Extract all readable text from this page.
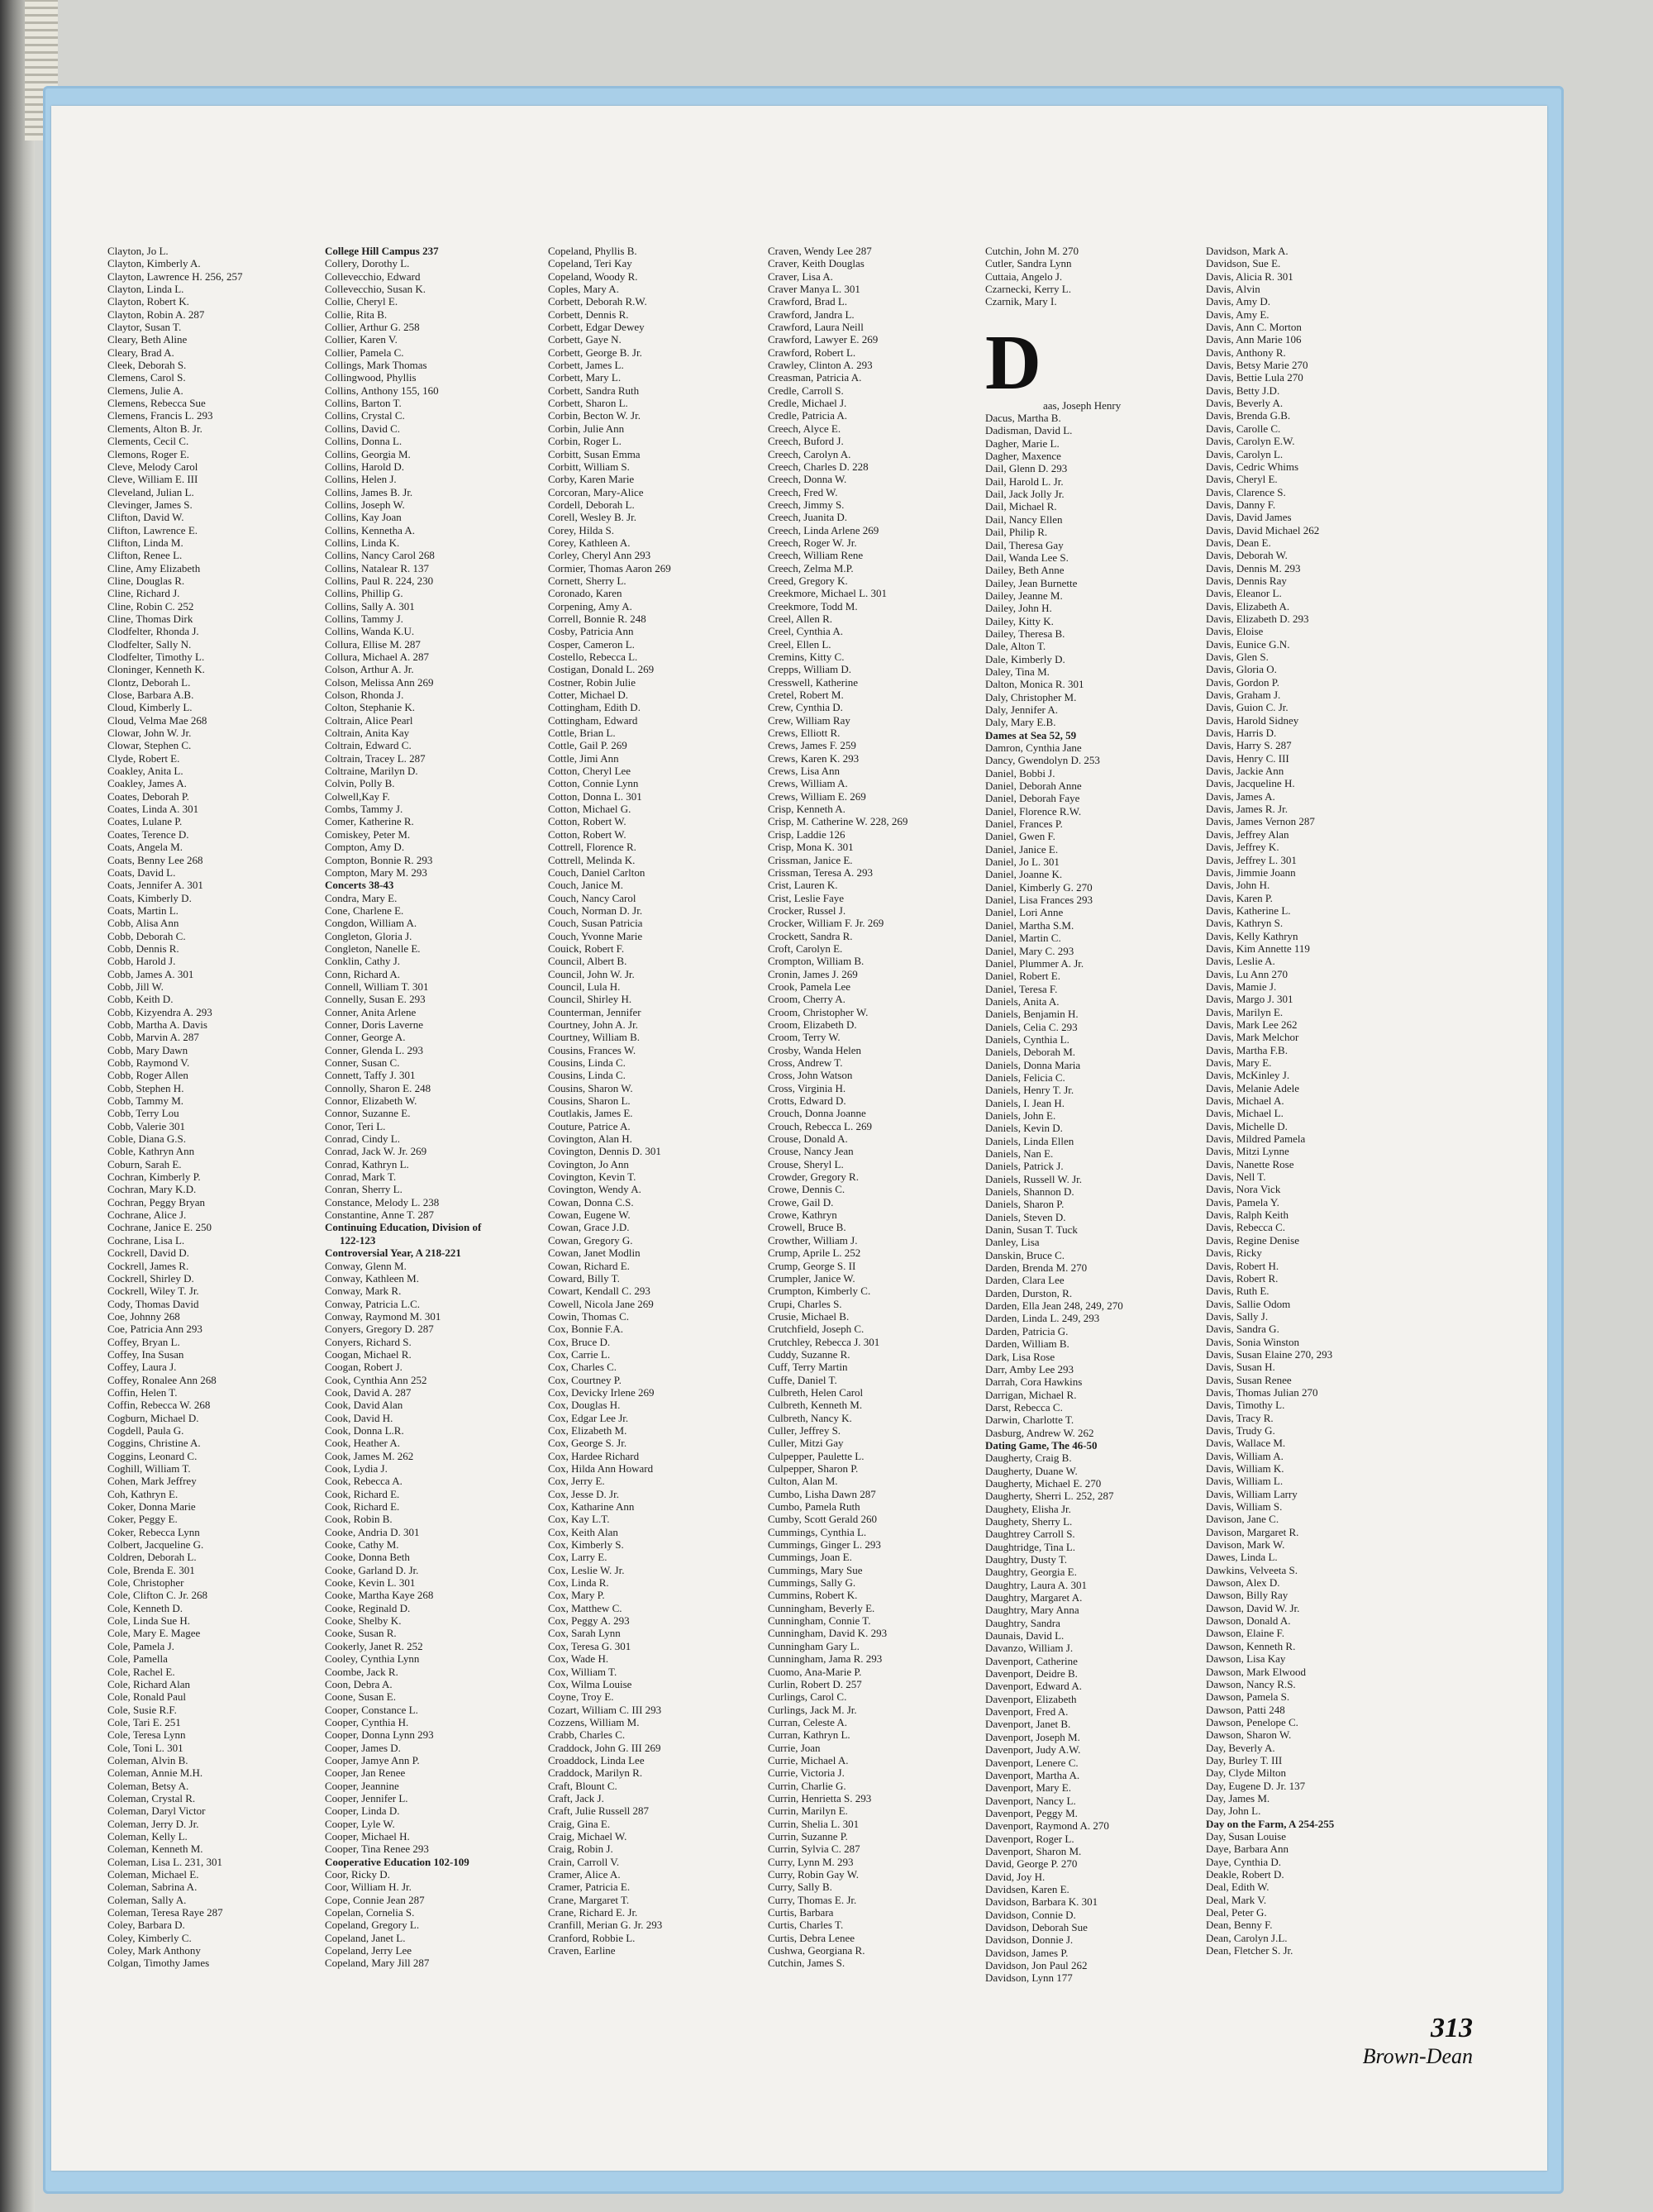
Clayton, Jo L.
Clayton, Kimberly A.
Clayton, Lawrence H. 256, 257
Clayton, Linda L.
Clayton, Robert K.
Clayton, Robin A. 287
Claytor, Susan T.
Cleary, Beth Aline
Cleary, Brad A.
Cleek, Deborah S.
Clemens, Carol S.
Clemens, Julie A.
Clemens, Rebecca Sue
Clemens, Francis L. 293
Clements, Alton B. Jr.
Clements, Cecil C.
Clemons, Roger E.
Cleve, Melody Carol
Cleve, William E. III
Cleveland, Julian L.
Clevinger, James S.
Clifton, David W.
Clifton, Lawrence E.
Clifton, Linda M.
Clifton, Renee L.
Cline, Amy Elizabeth
Cline, Douglas R.
Cline, Richard J.
Cline, Robin C. 252
Cline, Thomas Dirk
Clodfelter, Rhonda J.
Clodfelter, Sally N.
Clodfelter, Timothy L.
Cloninger, Kenneth K.
Clontz, Deborah L.
Close, Barbara A.B.
Cloud, Kimberly L.
Cloud, Velma Mae 268
Clowar, John W. Jr.
Clowar, Stephen C.
Clyde, Robert E.
Coakley, Anita L.
Coakley, James A.
Coates, Deborah P.
Coates, Linda A. 301
Coates, Lulane P.
Coates, Terence D.
Coats, Angela M.
Coats, Benny Lee 268
Coats, David L.
Coats, Jennifer A. 301
Coats, Kimberly D.
Coats, Martin L.
Cobb, Alisa Ann
Cobb, Deborah C.
Cobb, Dennis R.
Cobb, Harold J.
Cobb, James A. 301
Cobb, Jill W.
Cobb, Keith D.
Cobb, Kizyendra A. 293
Cobb, Martha A. Davis
Cobb, Marvin A. 287
Cobb, Mary Dawn
Cobb, Raymond V.
Cobb, Roger Allen
Cobb, Stephen H.
Cobb, Tammy M.
Cobb, Terry Lou
Cobb, Valerie 301
Coble, Diana G.S.
Coble, Kathryn Ann
Coburn, Sarah E.
Cochran, Kimberly P.
Cochran, Mary K.D.
Cochran, Peggy Bryan
Cochrane, Alice J.
Cochrane, Janice E. 250
Cochrane, Lisa L.
Cockrell, David D.
Cockrell, James R.
Cockrell, Shirley D.
Cockrell, Wiley T. Jr.
Cody, Thomas David
Coe, Johnny 268
Coe, Patricia Ann 293
Coffey, Bryan L.
Coffey, Ina Susan
Coffey, Laura J.
Coffey, Ronalee Ann 268
Coffin, Helen T.
Coffin, Rebecca W. 268
Cogburn, Michael D.
Cogdell, Paula G.
Coggins, Christine A.
Coggins, Leonard C.
Coghill, William T.
Cohen, Mark Jeffrey
Coh, Kathryn E.
Coker, Donna Marie
Coker, Peggy E.
Coker, Rebecca Lynn
Colbert, Jacqueline G.
Coldren, Deborah L.
Cole, Brenda E. 301
Cole, Christopher
Cole, Clifton C. Jr. 268
Cole, Kenneth D.
Cole, Linda Sue H.
Cole, Mary E. Magee
Cole, Pamela J.
Cole, Pamella
Cole, Rachel E.
Cole, Richard Alan
Cole, Ronald Paul
Cole, Susie R.F.
Cole, Tari E. 251
Cole, Teresa Lynn
Cole, Toni L. 301
Coleman, Alvin B.
Coleman, Annie M.H.
Coleman, Betsy A.
Coleman, Crystal R.
Coleman, Daryl Victor
Coleman, Jerry D. Jr.
Coleman, Kelly L.
Coleman, Kenneth M.
Coleman, Lisa L. 231, 301
Coleman, Michael E.
Coleman, Sabrina A.
Coleman, Sally A.
Coleman, Teresa Raye 287
Coley, Barbara D.
Coley, Kimberly C.
Coley, Mark Anthony
Colgan, Timothy James
College Hill Campus 237
Collery, Dorothy L.
Collevecchio, Edward
Collevecchio, Susan K.
Collie, Cheryl E.
Collie, Rita B.
Collier, Arthur G. 258
Collier, Karen V.
Collier, Pamela C.
Collings, Mark Thomas
Collingwood, Phyllis
Collins, Anthony 155, 160
Collins, Barton T.
Collins, Crystal C.
Collins, David C.
Collins, Donna L.
Collins, Georgia M.
Collins, Harold D.
Collins, Helen J.
Collins, James B. Jr.
Collins, Joseph W.
Collins, Kay Joan
Collins, Kennetha A.
Collins, Linda K.
Collins, Nancy Carol 268
Collins, Natalear R. 137
Collins, Paul R. 224, 230
Collins, Phillip G.
Collins, Sally A. 301
Collins, Tammy J.
Collins, Wanda K.U.
Collura, Ellise M. 287
Collura, Michael A. 287
Colson, Arthur A. Jr.
Colson, Melissa Ann 269
Colson, Rhonda J.
Colton, Stephanie K.
Coltrain, Alice Pearl
Coltrain, Anita Kay
Coltrain, Edward C.
Coltrain, Tracey L. 287
Coltraine, Marilyn D.
Colvin, Polly B.
Colwell,Kay F.
Combs, Tammy J.
Comer, Katherine R.
Comiskey, Peter M.
Compton, Amy D.
Compton, Bonnie R. 293
Compton, Mary M. 293
Concerts 38-43
Condra, Mary E.
Cone, Charlene E.
Congdon, William A.
Congleton, Gloria J.
Congleton, Nanelle E.
Conklin, Cathy J.
Conn, Richard A.
Connell, William T. 301
Connelly, Susan E. 293
Conner, Anita Arlene
Conner, Doris Laverne
Conner, George A.
Conner, Glenda L. 293
Conner, Susan C.
Connett, Taffy J. 301
Connolly, Sharon E. 248
Connor, Elizabeth W.
Connor, Suzanne E.
Conor, Teri L.
Conrad, Cindy L.
Conrad, Jack W. Jr. 269
Conrad, Kathryn L.
Conrad, Mark T.
Conran, Sherry L.
Constance, Melody L. 238
Constantine, Anne T. 287
Continuing Education, Division of
122-123
Controversial Year, A 218-221
Conway, Glenn M.
Conway, Kathleen M.
Conway, Mark R.
Conway, Patricia L.C.
Conway, Raymond M. 301
Conyers, Gregory D. 287
Conyers, Richard S.
Coogan, Michael R.
Coogan, Robert J.
Cook, Cynthia Ann 252
Cook, David A. 287
Cook, David Alan
Cook, David H.
Cook, Donna L.R.
Cook, Heather A.
Cook, James M. 262
Cook, Lydia J.
Cook, Rebecca A.
Cook, Richard E.
Cook, Richard E.
Cook, Robin B.
Cooke, Andria D. 301
Cooke, Cathy M.
Cooke, Donna Beth
Cooke, Garland D. Jr.
Cooke, Kevin L. 301
Cooke, Martha Kaye 268
Cooke, Reginald D.
Cooke, Shelby K.
Cooke, Susan R.
Cookerly, Janet R. 252
Cooley, Cynthia Lynn
Coombe, Jack R.
Coon, Debra A.
Coone, Susan E.
Cooper, Constance L.
Cooper, Cynthia H.
Cooper, Donna Lynn 293
Cooper, James D.
Cooper, Jamye Ann P.
Cooper, Jan Renee
Cooper, Jeannine
Cooper, Jennifer L.
Cooper, Linda D.
Cooper, Lyle W.
Cooper, Michael H.
Cooper, Tina Renee 293
Cooperative Education 102-109
Coor, Ricky D.
Coor, William H. Jr.
Cope, Connie Jean 287
Copelan, Cornelia S.
Copeland, Gregory L.
Copeland, Janet L.
Copeland, Jerry Lee
Copeland, Mary Jill 287
Copeland, Phyllis B.
Copeland, Teri Kay
Copeland, Woody R.
Coples, Mary A.
Corbett, Deborah R.W.
Corbett, Dennis R.
Corbett, Edgar Dewey
Corbett, Gaye N.
Corbett, George B. Jr.
Corbett, James L.
Corbett, Mary L.
Corbett, Sandra Ruth
Corbett, Sharon L.
Corbin, Becton W. Jr.
Corbin, Julie Ann
Corbin, Roger L.
Corbitt, Susan Emma
Corbitt, William S.
Corby, Karen Marie
Corcoran, Mary-Alice
Cordell, Deborah L.
Corell, Wesley B. Jr.
Corey, Hilda S.
Corey, Kathleen A.
Corley, Cheryl Ann 293
Cormier, Thomas Aaron 269
Cornett, Sherry L.
Coronado, Karen
Corpening, Amy A.
Correll, Bonnie R. 248
Cosby, Patricia Ann
Cosper, Cameron L.
Costello, Rebecca L.
Costigan, Donald L. 269
Costner, Robin Julie
Cotter, Michael D.
Cottingham, Edith D.
Cottingham, Edward
Cottle, Brian L.
Cottle, Gail P. 269
Cottle, Jimi Ann
Cotton, Cheryl Lee
Cotton, Connie Lynn
Cotton, Donna L. 301
Cotton, Michael G.
Cotton, Robert W.
Cotton, Robert W.
Cottrell, Florence R.
Cottrell, Melinda K.
Couch, Daniel Carlton
Couch, Janice M.
Couch, Nancy Carol
Couch, Norman D. Jr.
Couch, Susan Patricia
Couch, Yvonne Marie
Couick, Robert F.
Council, Albert B.
Council, John W. Jr.
Council, Lula H.
Council, Shirley H.
Counterman, Jennifer
Courtney, John A. Jr.
Courtney, William B.
Cousins, Frances W.
Cousins, Linda C.
Cousins, Linda C.
Cousins, Sharon W.
Cousins, Sharon L.
Coutlakis, James E.
Couture, Patrice A.
Covington, Alan H.
Covington, Dennis D. 301
Covington, Jo Ann
Covington, Kevin T.
Covington, Wendy A.
Cowan, Donna C.S.
Cowan, Eugene W.
Cowan, Grace J.D.
Cowan, Gregory G.
Cowan, Janet Modlin
Cowan, Richard E.
Coward, Billy T.
Cowart, Kendall C. 293
Cowell, Nicola Jane 269
Cowin, Thomas C.
Cox, Bonnie F.A.
Cox, Bruce D.
Cox, Carrie L.
Cox, Charles C.
Cox, Courtney P.
Cox, Devicky Irlene 269
Cox, Douglas H.
Cox, Edgar Lee Jr.
Cox, Elizabeth M.
Cox, George S. Jr.
Cox, Hardee Richard
Cox, Hilda Ann Howard
Cox, Jerry E.
Cox, Jesse D. Jr.
Cox, Katharine Ann
Cox, Kay L.T.
Cox, Keith Alan
Cox, Kimberly S.
Cox, Larry E.
Cox, Leslie W. Jr.
Cox, Linda R.
Cox, Mary P.
Cox, Matthew C.
Cox, Peggy A. 293
Cox, Sarah Lynn
Cox, Teresa G. 301
Cox, Wade H.
Cox, William T.
Cox, Wilma Louise
Coyne, Troy E.
Cozart, William C. III 293
Cozzens, William M.
Crabb, Charles C.
Craddock, John G. III 269
Croaddock, Linda Lee
Craddock, Marilyn R.
Craft, Blount C.
Craft, Jack J.
Craft, Julie Russell 287
Craig, Gina E.
Craig, Michael W.
Craig, Robin J.
Crain, Carroll V.
Cramer, Alice A.
Cramer, Patricia E.
Crane, Margaret T.
Crane, Richard E. Jr.
Cranfill, Merian G. Jr. 293
Cranford, Robbie L.
Craven, Earline
Craven, Wendy Lee 287
Craver, Keith Douglas
Craver, Lisa A.
Craver Manya L. 301
Crawford, Brad L.
Crawford, Jandra L.
Crawford, Laura Neill
Crawford, Lawyer E. 269
Crawford, Robert L.
Crawley, Clinton A. 293
Creasman, Patricia A.
Credle, Carroll S.
Credle, Michael J.
Credle, Patricia A.
Creech, Alyce E.
Creech, Buford J.
Creech, Carolyn A.
Creech, Charles D. 228
Creech, Donna W.
Creech, Fred W.
Creech, Jimmy S.
Creech, Juanita D.
Creech, Linda Arlene 269
Creech, Roger W. Jr.
Creech, William Rene
Creech, Zelma M.P.
Creed, Gregory K.
Creekmore, Michael L. 301
Creekmore, Todd M.
Creel, Allen R.
Creel, Cynthia A.
Creel, Ellen L.
Cremins, Kitty C.
Crepps, William D.
Cresswell, Katherine
Cretel, Robert M.
Crew, Cynthia D.
Crew, William Ray
Crews, Elliott R.
Crews, James F. 259
Crews, Karen K. 293
Crews, Lisa Ann
Crews, William A.
Crews, William E. 269
Crisp, Kenneth A.
Crisp, M. Catherine W. 228, 269
Crisp, Laddie 126
Crisp, Mona K. 301
Crissman, Janice E.
Crissman, Teresa A. 293
Crist, Lauren K.
Crist, Leslie Faye
Crocker, Russel J.
Crocker, William F. Jr. 269
Crockett, Sandra R.
Croft, Carolyn E.
Crompton, William B.
Cronin, James J. 269
Crook, Pamela Lee
Croom, Cherry A.
Croom, Christopher W.
Croom, Elizabeth D.
Croom, Terry W.
Crosby, Wanda Helen
Cross, Andrew T.
Cross, John Watson
Cross, Virginia H.
Crotts, Edward D.
Crouch, Donna Joanne
Crouch, Rebecca L. 269
Crouse, Donald A.
Crouse, Nancy Jean
Crouse, Sheryl L.
Crowder, Gregory R.
Crowe, Dennis C.
Crowe, Gail D.
Crowe, Kathryn
Crowell, Bruce B.
Crowther, William J.
Crump, Aprile L. 252
Crump, George S. II
Crumpler, Janice W.
Crumpton, Kimberly C.
Crupi, Charles S.
Crusie, Michael B.
Crutchfield, Joseph C.
Crutchley, Rebecca J. 301
Cuddy, Suzanne R.
Cuff, Terry Martin
Cuffe, Daniel T.
Culbreth, Helen Carol
Culbreth, Kenneth M.
Culbreth, Nancy K.
Culler, Jeffrey S.
Culler, Mitzi Gay
Culpepper, Paulette L.
Culpepper, Sharon P.
Culton, Alan M.
Cumbo, Lisha Dawn 287
Cumbo, Pamela Ruth
Cumby, Scott Gerald 260
Cummings, Cynthia L.
Cummings, Ginger L. 293
Cummings, Joan E.
Cummings, Mary Sue
Cummings, Sally G.
Cummins, Robert K.
Cunningham, Beverly E.
Cunningham, Connie T.
Cunningham, David K. 293
Cunningham Gary L.
Cunningham, Jama R. 293
Cuomo, Ana-Marie P.
Curlin, Robert D. 257
Curlings, Carol C.
Curlings, Jack M. Jr.
Curran, Celeste A.
Curran, Kathryn L.
Currie, Joan
Currie, Michael A.
Currie, Victoria J.
Currin, Charlie G.
Currin, Henrietta S. 293
Currin, Marilyn E.
Currin, Shelia L. 301
Currin, Suzanne P.
Currin, Sylvia C. 287
Curry, Lynn M. 293
Curry, Robin Gay W.
Curry, Sally B.
Curry, Thomas E. Jr.
Curtis, Barbara
Curtis, Charles T.
Curtis, Debra Lenee
Cushwa, Georgiana R.
Cutchin, James S.
Cutchin, John M. 270
Cutler, Sandra Lynn
Cuttaia, Angelo J.
Czarnecki, Kerry L.
Czarnik, Mary I.
aas, Joseph Henry
Dacus, Martha B.
Dadisman, David L.
Dagher, Marie L.
Dagher, Maxence
Dail, Glenn D. 293
Dail, Harold L. Jr.
Dail, Jack Jolly Jr.
Dail, Michael R.
Dail, Nancy Ellen
Dail, Philip R.
Dail, Theresa Gay
Dail, Wanda Lee S.
Dailey, Beth Anne
Dailey, Jean Burnette
Dailey, Jeanne M.
Dailey, John H.
Dailey, Kitty K.
Dailey, Theresa B.
Dale, Alton T.
Dale, Kimberly D.
Daley, Tina M.
Dalton, Monica R. 301
Daly, Christopher M.
Daly, Jennifer A.
Daly, Mary E.B.
Dames at Sea 52, 59
Damron, Cynthia Jane
Dancy, Gwendolyn D. 253
Daniel, Bobbi J.
Daniel, Deborah Anne
Daniel, Deborah Faye
Daniel, Florence R.W.
Daniel, Frances P.
Daniel, Gwen F.
Daniel, Janice E.
Daniel, Jo L. 301
Daniel, Joanne K.
Daniel, Kimberly G. 270
Daniel, Lisa Frances 293
Daniel, Lori Anne
Daniel, Martha S.M.
Daniel, Martin C.
Daniel, Mary C. 293
Daniel, Plummer A. Jr.
Daniel, Robert E.
Daniel, Teresa F.
Daniels, Anita A.
Daniels, Benjamin H.
Daniels, Celia C. 293
Daniels, Cynthia L.
Daniels, Deborah M.
Daniels, Donna Maria
Daniels, Felicia C.
Daniels, Henry T. Jr.
Daniels, I. Jean H.
Daniels, John E.
Daniels, Kevin D.
Daniels, Linda Ellen
Daniels, Nan E.
Daniels, Patrick J.
Daniels, Russell W. Jr.
Daniels, Shannon D.
Daniels, Sharon P.
Daniels, Steven D.
Danin, Susan T. Tuck
Danley, Lisa
Danskin, Bruce C.
Darden, Brenda M. 270
Darden, Clara Lee
Darden, Durston, R.
Darden, Ella Jean 248, 249, 270
Darden, Linda L. 249, 293
Darden, Patricia G.
Darden, William B.
Dark, Lisa Rose
Darr, Amby Lee 293
Darrah, Cora Hawkins
Darrigan, Michael R.
Darst, Rebecca C.
Darwin, Charlotte T.
Dasburg, Andrew W. 262
Dating Game, The 46-50
Daugherty, Craig B.
Daugherty, Duane W.
Daugherty, Michael E. 270
Daugherty, Sherri L. 252, 287
Daughety, Elisha Jr.
Daughety, Sherry L.
Daughtrey Carroll S.
Daughtridge, Tina L.
Daughtry, Dusty T.
Daughtry, Georgia E.
Daughtry, Laura A. 301
Daughtry, Margaret A.
Daughtry, Mary Anna
Daughtry, Sandra
Daunais, David L.
Davanzo, William J.
Davenport, Catherine
Davenport, Deidre B.
Davenport, Edward A.
Davenport, Elizabeth
Davenport, Fred A.
Davenport, Janet B.
Davenport, Joseph M.
Davenport, Judy A.W.
Davenport, Lenere C.
Davenport, Martha A.
Davenport, Mary E.
Davenport, Nancy L.
Davenport, Peggy M.
Davenport, Raymond A. 270
Davenport, Roger L.
Davenport, Sharon M.
David, George P. 270
David, Joy H.
Davidsen, Karen E.
Davidson, Barbara K. 301
Davidson, Connie D.
Davidson, Deborah Sue
Davidson, Donnie J.
Davidson, James P.
Davidson, Jon Paul 262
Davidson, Lynn 177
Davidson, Mark A.
Davidson, Sue E.
Davis, Alicia R. 301
Davis, Alvin
Davis, Amy D.
Davis, Amy E.
Davis, Ann C. Morton
Davis, Ann Marie 106
Davis, Anthony R.
Davis, Betsy Marie 270
Davis, Bettie Lula 270
Davis, Betty J.D.
Davis, Beverly A.
Davis, Brenda G.B.
Davis, Carolle C.
Davis, Carolyn E.W.
Davis, Carolyn L.
Davis, Cedric Whims
Davis, Cheryl E.
Davis, Clarence S.
Davis, Danny F.
Davis, David James
Davis, David Michael 262
Davis, Dean E.
Davis, Deborah W.
Davis, Dennis M. 293
Davis, Dennis Ray
Davis, Eleanor L.
Davis, Elizabeth A.
Davis, Elizabeth D. 293
Davis, Eloise
Davis, Eunice G.N.
Davis, Glen S.
Davis, Gloria O.
Davis, Gordon P.
Davis, Graham J.
Davis, Guion C. Jr.
Davis, Harold Sidney
Davis, Harris D.
Davis, Harry S. 287
Davis, Henry C. III
Davis, Jackie Ann
Davis, Jacqueline H.
Davis, James A.
Davis, James R. Jr.
Davis, James Vernon 287
Davis, Jeffrey Alan
Davis, Jeffrey K.
Davis, Jeffrey L. 301
Davis, Jimmie Joann
Davis, John H.
Davis, Karen P.
Davis, Katherine L.
Davis, Kathryn S.
Davis, Kelly Kathryn
Davis, Kim Annette 119
Davis, Leslie A.
Davis, Lu Ann 270
Davis, Mamie J.
Davis, Margo J. 301
Davis, Marilyn E.
Davis, Mark Lee 262
Davis, Mark Melchor
Davis, Martha F.B.
Davis, Mary E.
Davis, McKinley J.
Davis, Melanie Adele
Davis, Michael A.
Davis, Michael L.
Davis, Michelle D.
Davis, Mildred Pamela
Davis, Mitzi Lynne
Davis, Nanette Rose
Davis, Nell T.
Davis, Nora Vick
Davis, Pamela Y.
Davis, Ralph Keith
Davis, Rebecca C.
Davis, Regine Denise
Davis, Ricky
Davis, Robert H.
Davis, Robert R.
Davis, Ruth E.
Davis, Sallie Odom
Davis, Sally J.
Davis, Sandra G.
Davis, Sonia Winston
Davis, Susan Elaine 270, 293
Davis, Susan H.
Davis, Susan Renee
Davis, Thomas Julian 270
Davis, Timothy L.
Davis, Tracy R.
Davis, Trudy G.
Davis, Wallace M.
Davis, William A.
Davis, William K.
Davis, William L.
Davis, William Larry
Davis, William S.
Davison, Jane C.
Davison, Margaret R.
Davison, Mark W.
Dawes, Linda L.
Dawkins, Velveeta S.
Dawson, Alex D.
Dawson, Billy Ray
Dawson, David W. Jr.
Dawson, Donald A.
Dawson, Elaine F.
Dawson, Kenneth R.
Dawson, Lisa Kay
Dawson, Mark Elwood
Dawson, Nancy R.S.
Dawson, Pamela S.
Dawson, Patti 248
Dawson, Penelope C.
Dawson, Sharon W.
Day, Beverly A.
Day, Burley T. III
Day, Clyde Milton
Day, Eugene D. Jr. 137
Day, James M.
Day, John L.
Day on the Farm, A 254-255
Day, Susan Louise
Daye, Barbara Ann
Daye, Cynthia D.
Deakle, Robert D.
Deal, Edith W.
Deal, Mark V.
Deal, Peter G.
Dean, Benny F.
Dean, Carolyn J.L.
Dean, Fletcher S. Jr.
D
313
Brown-Dean
